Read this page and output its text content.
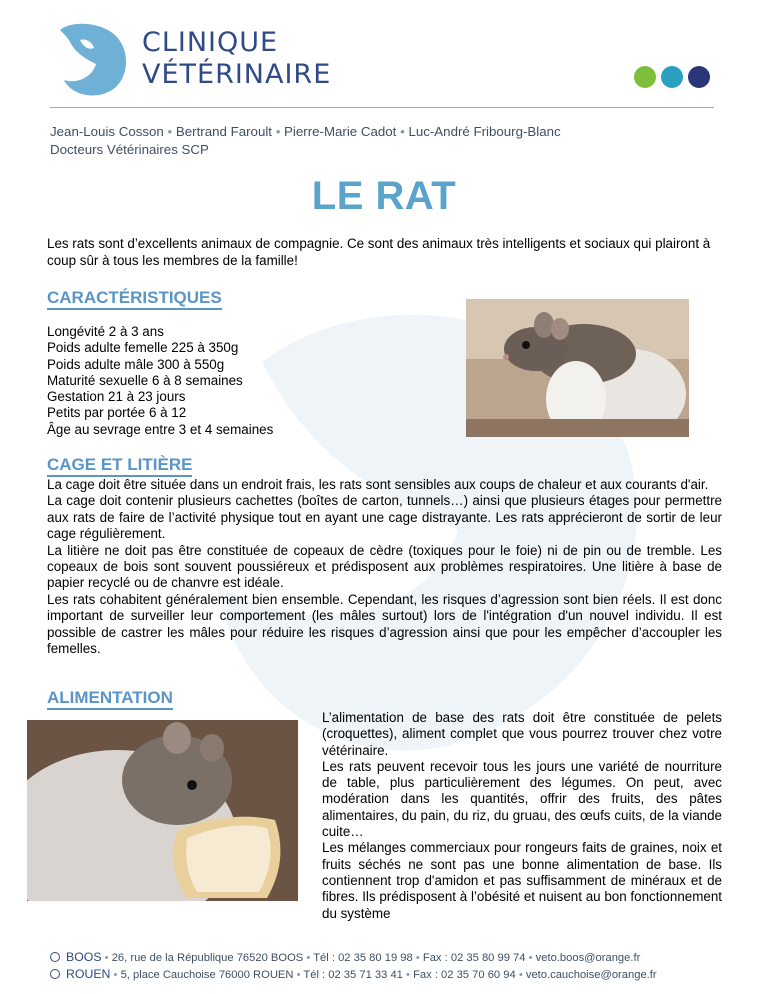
CLINIQUE
VÉTÉRINAIRE
Jean-Louis Cosson • Bertrand Faroult • Pierre-Marie Cadot • Luc-André Fribourg-Blanc
Docteurs Vétérinaires SCP
LE RAT

Les rats sont d’excellents animaux de compagnie. Ce sont des animaux très intelligents et sociaux qui plairont à coup sûr à tous les membres de la famille!

CARACTÉRISTIQUES
Longévité 2 à 3 ans
Poids adulte femelle 225 à 350g
Poids adulte mâle 300 à 550g
Maturité sexuelle 6 à 8 semaines
Gestation 21 à 23 jours
Petits par portée 6 à 12
Âge au sevrage entre 3 et 4 semaines
CAGE ET LITIÈRE

La cage doit être située dans un endroit frais, les rats sont sensibles aux coups de chaleur et aux courants d'air.

La cage doit contenir plusieurs cachettes (boîtes de carton, tunnels…) ainsi que plusieurs étages pour permettre aux rats de faire de l’activité physique tout en ayant une cage distrayante. Les rats apprécieront de sortir de leur cage régulièrement.

La litière ne doit pas être constituée de copeaux de cèdre (toxiques pour le foie) ni de pin ou de tremble. Les copeaux de bois sont souvent poussiéreux et prédisposent aux problèmes respiratoires. Une litière à base de papier recyclé ou de chanvre est idéale.

Les rats cohabitent généralement bien ensemble. Cependant, les risques d’agression sont bien réels. Il est donc important de surveiller leur comportement (les mâles surtout) lors de l'intégration d'un nouvel individu. Il est possible de castrer les mâles pour réduire les risques d’agression ainsi que pour les empêcher d’accoupler les femelles.

ALIMENTATION

L’alimentation de base des rats doit être constituée de pelets (croquettes), aliment complet que vous pourrez trouver chez votre vétérinaire.

Les rats peuvent recevoir tous les jours une variété de nourriture de table, plus particulièrement des légumes. On peut, avec modération dans les quantités, offrir des fruits, des pâtes alimentaires, du pain, du riz, du gruau, des œufs cuits, de la viande cuite…

Les mélanges commerciaux pour rongeurs faits de graines, noix et fruits séchés ne sont pas une bonne alimentation de base. Ils contiennent trop d'amidon et pas suffisamment de minéraux et de fibres. Ils prédisposent à l’obésité et nuisent au bon fonctionnement du système

BOOS • 26, rue de la République 76520 BOOS • Tél : 02 35 80 19 98 • Fax : 02 35 80 99 74 • veto.boos@orange.fr
ROUEN • 5, place Cauchoise 76000 ROUEN • Tél : 02 35 71 33 41 • Fax : 02 35 70 60 94 • veto.cauchoise@orange.fr
